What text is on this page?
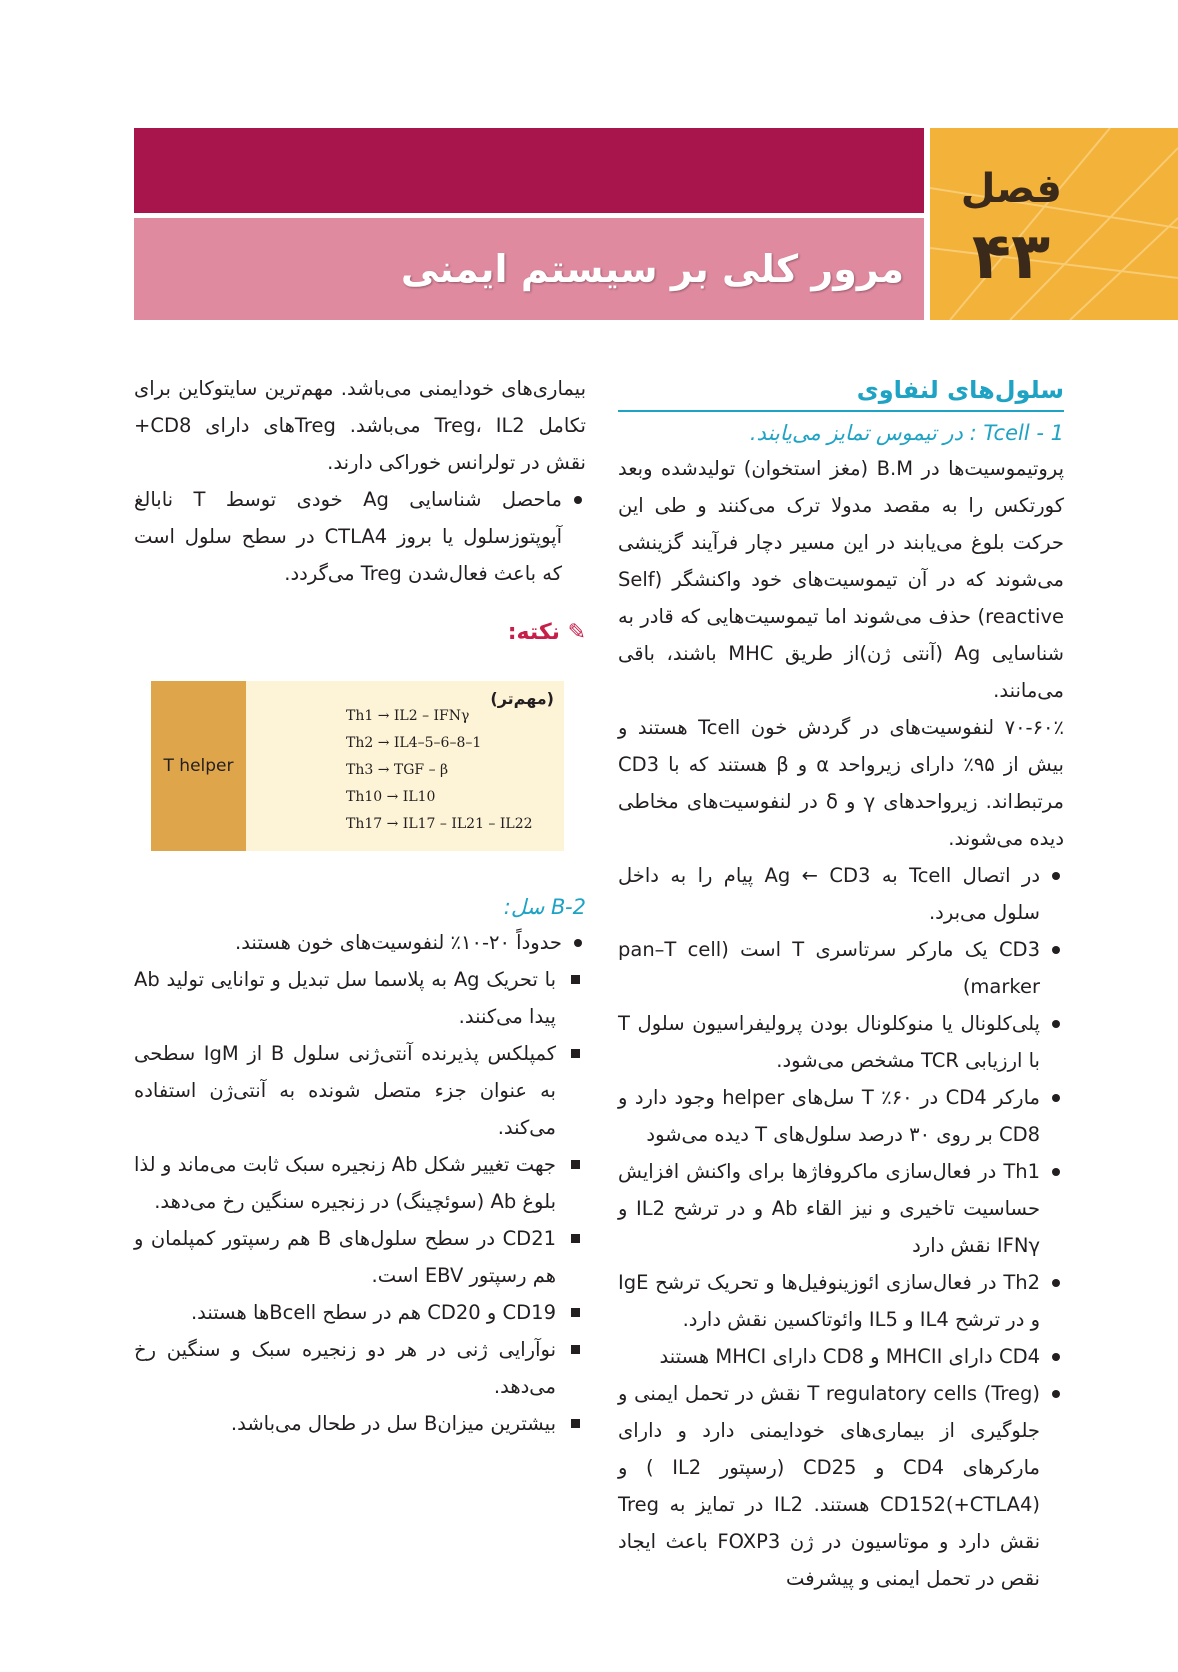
مرور کلی بر سیستم ایمنی
فصل
۴۳
سلول‌های لنفاوی
Tcell - 1 : در تیموس تمایز می‌یابند.

پروتیموسیت‌ها در B.M (مغز استخوان) تولیدشده وبعد کورتکس را به مقصد مدولا ترک می‌کنند و طی این حرکت بلوغ می‌یابند در این مسیر دچار فرآیند گزینشی می‌شوند که در آن تیموسیت‌های خود واکنشگر (Self reactive) حذف می‌شوند اما تیموسیت‌هایی که قادر به شناسایی Ag (آنتی ژن)از طریق MHC باشند، باقی می‌مانند.

۷۰-۶۰٪ لنفوسیت‌های در گردش خون Tcell هستند و بیش از ۹۵٪ دارای زیرواحد α و β هستند که با CD3 مرتبط‌اند. زیرواحدهای γ و δ در لنفوسیت‌های مخاطی دیده می‌شوند.

در اتصال Tcell به Ag ← CD3 پیام را به داخل سلول می‌برد.
CD3 یک مارکر سرتاسری T است (pan–T cell marker)
پلی‌کلونال یا منوکلونال بودن پرولیفراسیون سلول T با ارزیابی TCR مشخص می‌شود.
مارکر CD4 در ۶۰٪ T سل‌های helper وجود دارد و CD8 بر روی ۳۰ درصد سلول‌های T دیده می‌شود
Th1 در فعال‌سازی ماکروفاژها برای واکنش افزایش حساسیت تاخیری و نیز القاء Ab و در ترشح IL2 و IFNγ نقش دارد
Th2 در فعال‌سازی ائوزینوفیل‌ها و تحریک ترشح IgE و در ترشح IL4 و IL5 وائوتاکسین نقش دارد.
CD4 دارای MHCII و CD8 دارای MHCI هستند
T regulatory cells (Treg) نقش در تحمل ایمنی و جلوگیری از بیماری‌های خودایمنی دارد و دارای مارکرهای CD4 و CD25 (رسپتور IL2 ) و CD152(+CTLA4) هستند. IL2 در تمایز به Treg نقش دارد و موتاسیون در ژن FOXP3 باعث ایجاد نقص در تحمل ایمنی و پیشرفت

بیماری‌های خودایمنی می‌باشد. مهم‌ترین سایتوکاین برای تکامل Treg، IL2 می‌باشد. Tregهای دارای CD8+ نقش در تولرانس خوراکی دارند.

ماحصل شناسایی Ag خودی توسط T نابالغ آپوپتوزسلول یا بروز CTLA4 در سطح سلول است که باعث فعال‌شدن Treg می‌گردد.
✎ نکته:
T helper
(مهم‌تر)
Th1 → IL2 – IFNγ
Th2 → IL4–5–6–8–1
Th3 → TGF – β
Th10 → IL10
Th17 → IL17 – IL21 – IL22
B-2 سل:
حدوداً ۲۰-۱۰٪ لنفوسیت‌های خون هستند.
با تحریک Ag به پلاسما سل تبدیل و توانایی تولید Ab پیدا می‌کنند.
کمپلکس پذیرنده آنتی‌ژنی سلول B از IgM سطحی به عنوان جزء متصل شونده به آنتی‌ژن استفاده می‌کند.
جهت تغییر شکل Ab زنجیره سبک ثابت می‌ماند و لذا بلوغ Ab (سوئچینگ) در زنجیره سنگین رخ می‌دهد.
CD21 در سطح سلول‌های B هم رسپتور کمپلمان و هم رسپتور EBV است.
CD19 و CD20 هم در سطح Bcellها هستند.
نوآرایی ژنی در هر دو زنجیره سبک و سنگین رخ می‌دهد.
بیشترین میزانB سل در طحال می‌باشد.
